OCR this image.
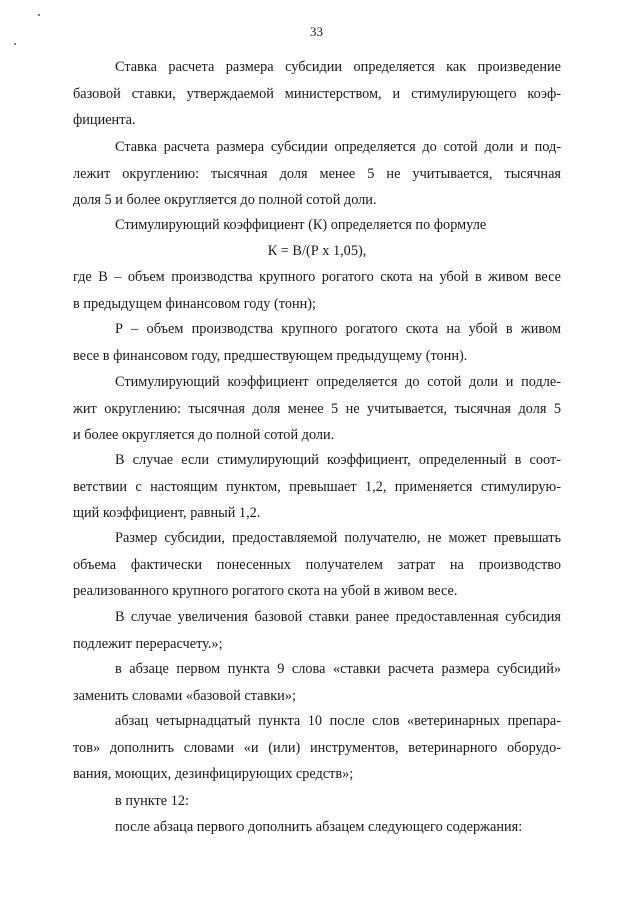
33
Ставка расчета размера субсидии определяется как произведение
базовой ставки, утверждаемой министерством, и стимулирующего коэф-
фициента.
Ставка расчета размера субсидии определяется до сотой доли и под-
лежит округлению: тысячная доля менее 5 не учитывается, тысячная
доля 5 и более округляется до полной сотой доли.
Стимулирующий коэффициент (К) определяется по формуле
К = В/(Р х 1,05),
где В – объем производства крупного рогатого скота на убой в живом весе
в предыдущем финансовом году (тонн);
Р – объем производства крупного рогатого скота на убой в живом
весе в финансовом году, предшествующем предыдущему (тонн).
Стимулирующий коэффициент определяется до сотой доли и подле-
жит округлению: тысячная доля менее 5 не учитывается, тысячная доля 5
и более округляется до полной сотой доли.
В случае если стимулирующий коэффициент, определенный в соот-
ветствии с настоящим пунктом, превышает 1,2, применяется стимулирую-
щий коэффициент, равный 1,2.
Размер субсидии, предоставляемой получателю, не может превышать
объема фактически понесенных получателем затрат на производство
реализованного крупного рогатого скота на убой в живом весе.
В случае увеличения базовой ставки ранее предоставленная субсидия
подлежит перерасчету.»;
в абзаце первом пункта 9 слова «ставки расчета размера субсидий»
заменить словами «базовой ставки»;
абзац четырнадцатый пункта 10 после слов «ветеринарных препара-
тов» дополнить словами «и (или) инструментов, ветеринарного оборудо-
вания, моющих, дезинфицирующих средств»;
в пункте 12:
после абзаца первого дополнить абзацем следующего содержания:
